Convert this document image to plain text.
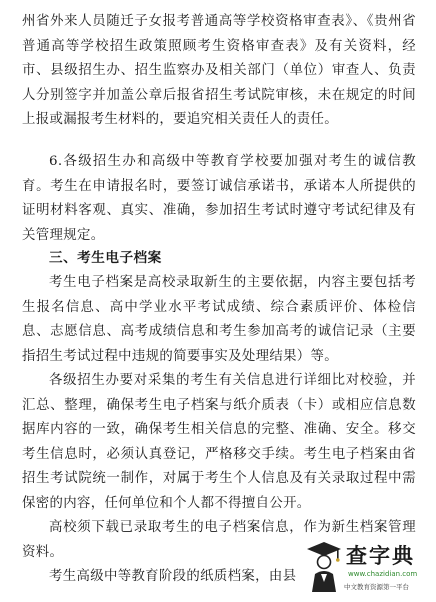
州省外来人员随迁子女报考普通高等学校资格审查表》、《贵州省普通高等学校招生政策照顾考生资格审查表》及有关资料，经市、县级招生办、招生监察办及相关部门（单位）审查人、负责人分别签字并加盖公章后报省招生考试院审核，未在规定的时间上报或漏报考生材料的，要追究相关责任人的责任。

6.各级招生办和高级中等教育学校要加强对考生的诚信教育。考生在申请报名时，要签订诚信承诺书，承诺本人所提供的证明材料客观、真实、准确，参加招生考试时遵守考试纪律及有关管理规定。

三、考生电子档案

考生电子档案是高校录取新生的主要依据，内容主要包括考生报名信息、高中学业水平考试成绩、综合素质评价、体检信息、志愿信息、高考成绩信息和考生参加高考的诚信记录（主要指招生考试过程中违规的简要事实及处理结果）等。

各级招生办要对采集的考生有关信息进行详细比对校验，并汇总、整理，确保考生电子档案与纸介质表（卡）或相应信息数据库内容的一致，确保考生相关信息的完整、准确、安全。移交考生信息时，必须认真登记，严格移交手续。考生电子档案由省招生考试院统一制作，对属于考生个人信息及有关录取过程中需保密的内容，任何单位和个人都不得擅自公开。

高校须下载已录取考生的电子档案信息，作为新生档案管理资料。

考生高级中等教育阶段的纸质档案，由县

查字典
www.chazidian.com
中文教育资源第一平台
